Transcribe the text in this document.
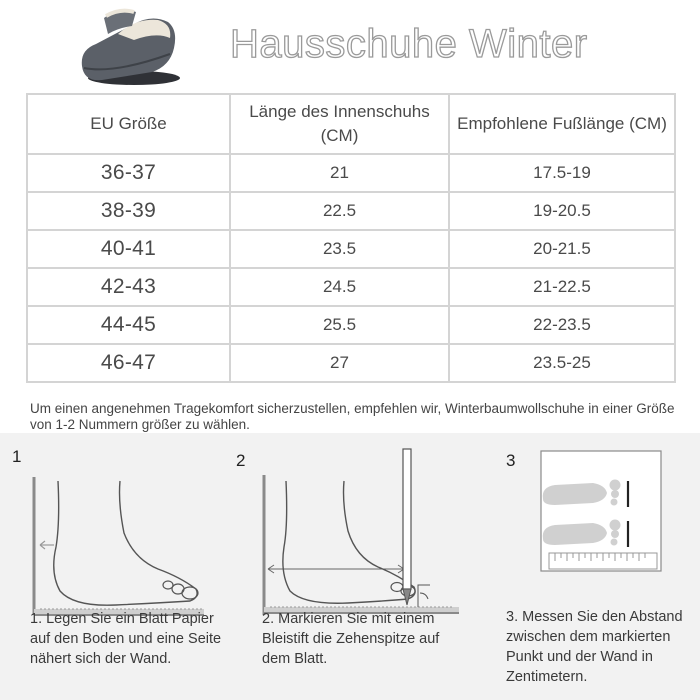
Hausschuhe Winter
EU Größe	Länge des Innenschuhs (CM)	Empfohlene Fußlänge (CM)
36-37	21	17.5-19
38-39	22.5	19-20.5
40-41	23.5	20-21.5
42-43	24.5	21-22.5
44-45	25.5	22-23.5
46-47	27	23.5-25
Um einen angenehmen Tragekomfort sicherzustellen, empfehlen wir, Winterbaumwollschuhe in einer Größe von 1-2 Nummern größer zu wählen.
1
1. Legen Sie ein Blatt Papier auf den Boden und eine Seite nähert sich der Wand.
2
2. Markieren Sie mit einem Bleistift die Zehenspitze auf dem Blatt.
3
3. Messen Sie den Abstand zwischen dem markierten Punkt und der Wand in Zentimetern.
